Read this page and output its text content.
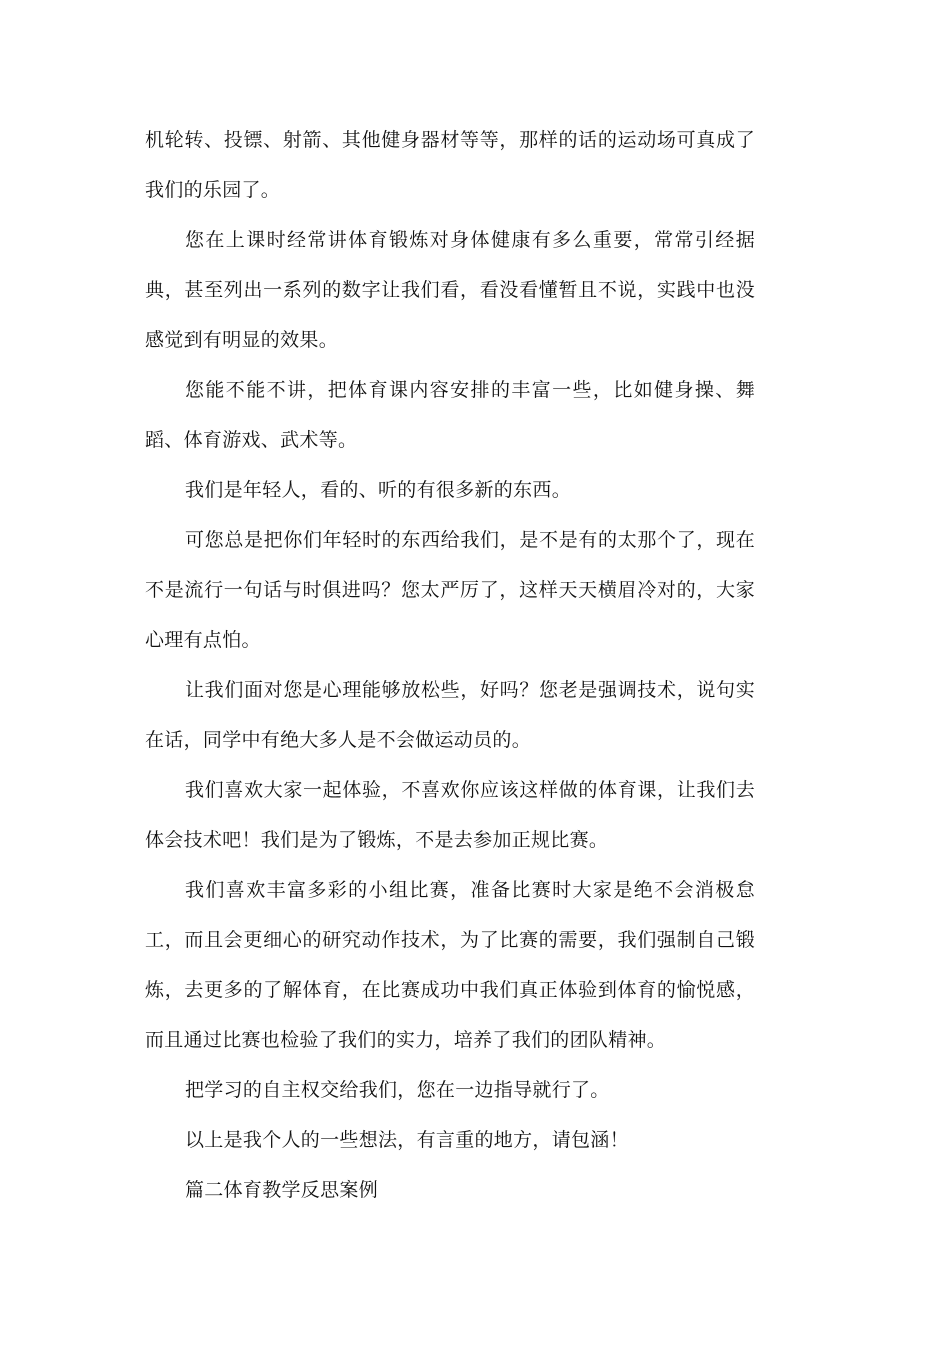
机轮转、投镖、射箭、其他健身器材等等，那样的话的运动场可真成了我们的乐园了。

您在上课时经常讲体育锻炼对身体健康有多么重要，常常引经据典，甚至列出一系列的数字让我们看，看没看懂暂且不说，实践中也没感觉到有明显的效果。

您能不能不讲，把体育课内容安排的丰富一些，比如健身操、舞蹈、体育游戏、武术等。

我们是年轻人，看的、听的有很多新的东西。

可您总是把你们年轻时的东西给我们，是不是有的太那个了，现在不是流行一句话与时俱进吗？您太严厉了，这样天天横眉冷对的，大家心理有点怕。

让我们面对您是心理能够放松些，好吗？您老是强调技术，说句实在话，同学中有绝大多人是不会做运动员的。

我们喜欢大家一起体验，不喜欢你应该这样做的体育课，让我们去体会技术吧！我们是为了锻炼，不是去参加正规比赛。

我们喜欢丰富多彩的小组比赛，准备比赛时大家是绝不会消极怠工，而且会更细心的研究动作技术，为了比赛的需要，我们强制自己锻炼，去更多的了解体育，在比赛成功中我们真正体验到体育的愉悦感，而且通过比赛也检验了我们的实力，培养了我们的团队精神。

把学习的自主权交给我们，您在一边指导就行了。

以上是我个人的一些想法，有言重的地方，请包涵！

篇二体育教学反思案例
